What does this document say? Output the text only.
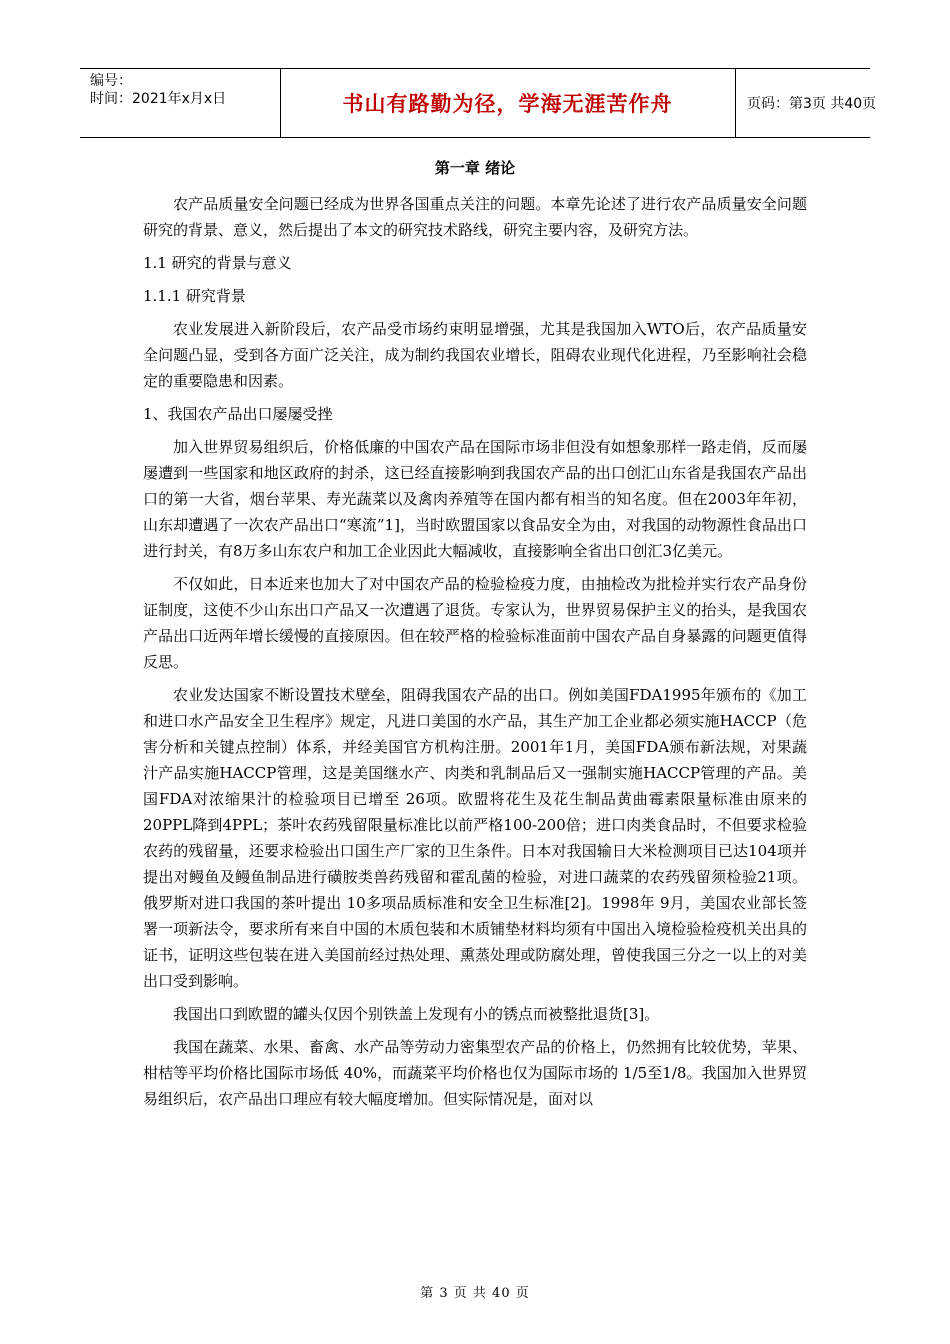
编号：
时间：2021年x月x日	书山有路勤为径，学海无涯苦作舟	页码：第3页 共40页
第一章 绪论

农产品质量安全问题已经成为世界各国重点关注的问题。本章先论述了进行农产品质量安全问题研究的背景、意义，然后提出了本文的研究技术路线，研究主要内容，及研究方法。

1.1 研究的背景与意义

1.1.1 研究背景

农业发展进入新阶段后，农产品受市场约束明显增强，尤其是我国加入WTO后，农产品质量安全问题凸显，受到各方面广泛关注，成为制约我国农业增长，阻碍农业现代化进程，乃至影响社会稳定的重要隐患和因素。

1、我国农产品出口屡屡受挫

加入世界贸易组织后，价格低廉的中国农产品在国际市场非但没有如想象那样一路走俏，反而屡屡遭到一些国家和地区政府的封杀，这已经直接影响到我国农产品的出口创汇山东省是我国农产品出口的第一大省，烟台苹果、寿光蔬菜以及禽肉养殖等在国内都有相当的知名度。但在2003年年初，山东却遭遇了一次农产品出口“寒流”1]，当时欧盟国家以食品安全为由，对我国的动物源性食品出口进行封关，有8万多山东农户和加工企业因此大幅减收，直接影响全省出口创汇3亿美元。

不仅如此，日本近来也加大了对中国农产品的检验检疫力度，由抽检改为批检并实行农产品身份证制度，这使不少山东出口产品又一次遭遇了退货。专家认为，世界贸易保护主义的抬头，是我国农产品出口近两年增长缓慢的直接原因。但在较严格的检验标准面前中国农产品自身暴露的问题更值得反思。

农业发达国家不断设置技术壁垒，阻碍我国农产品的出口。例如美国FDA1995年颁布的《加工和进口水产品安全卫生程序》规定，凡进口美国的水产品，其生产加工企业都必须实施HACCP（危害分析和关键点控制）体系，并经美国官方机构注册。2001年1月，美国FDA颁布新法规，对果蔬汁产品实施HACCP管理，这是美国继水产、肉类和乳制品后又一强制实施HACCP管理的产品。美国FDA对浓缩果汁的检验项目已增至 26项。欧盟将花生及花生制品黄曲霉素限量标准由原来的20PPL降到4PPL；茶叶农药残留限量标准比以前严格100-200倍；进口肉类食品时，不但要求检验农药的残留量，还要求检验出口国生产厂家的卫生条件。日本对我国输日大米检测项目已达104项并提出对鳗鱼及鳗鱼制品进行磺胺类兽药残留和霍乱菌的检验，对进口蔬菜的农药残留须检验21项。俄罗斯对进口我国的茶叶提出 10多项品质标准和安全卫生标准[2]。1998年 9月，美国农业部长签署一项新法令，要求所有来自中国的木质包装和木质铺垫材料均须有中国出入境检验检疫机关出具的证书，证明这些包装在进入美国前经过热处理、熏蒸处理或防腐处理，曾使我国三分之一以上的对美出口受到影响。

我国出口到欧盟的罐头仅因个别铁盖上发现有小的锈点而被整批退货[3]。

我国在蔬菜、水果、畜禽、水产品等劳动力密集型农产品的价格上，仍然拥有比较优势，苹果、柑桔等平均价格比国际市场低 40%，而蔬菜平均价格也仅为国际市场的 1/5至1/8。我国加入世界贸易组织后，农产品出口理应有较大幅度增加。但实际情况是，面对以

第 3 页 共 40 页
